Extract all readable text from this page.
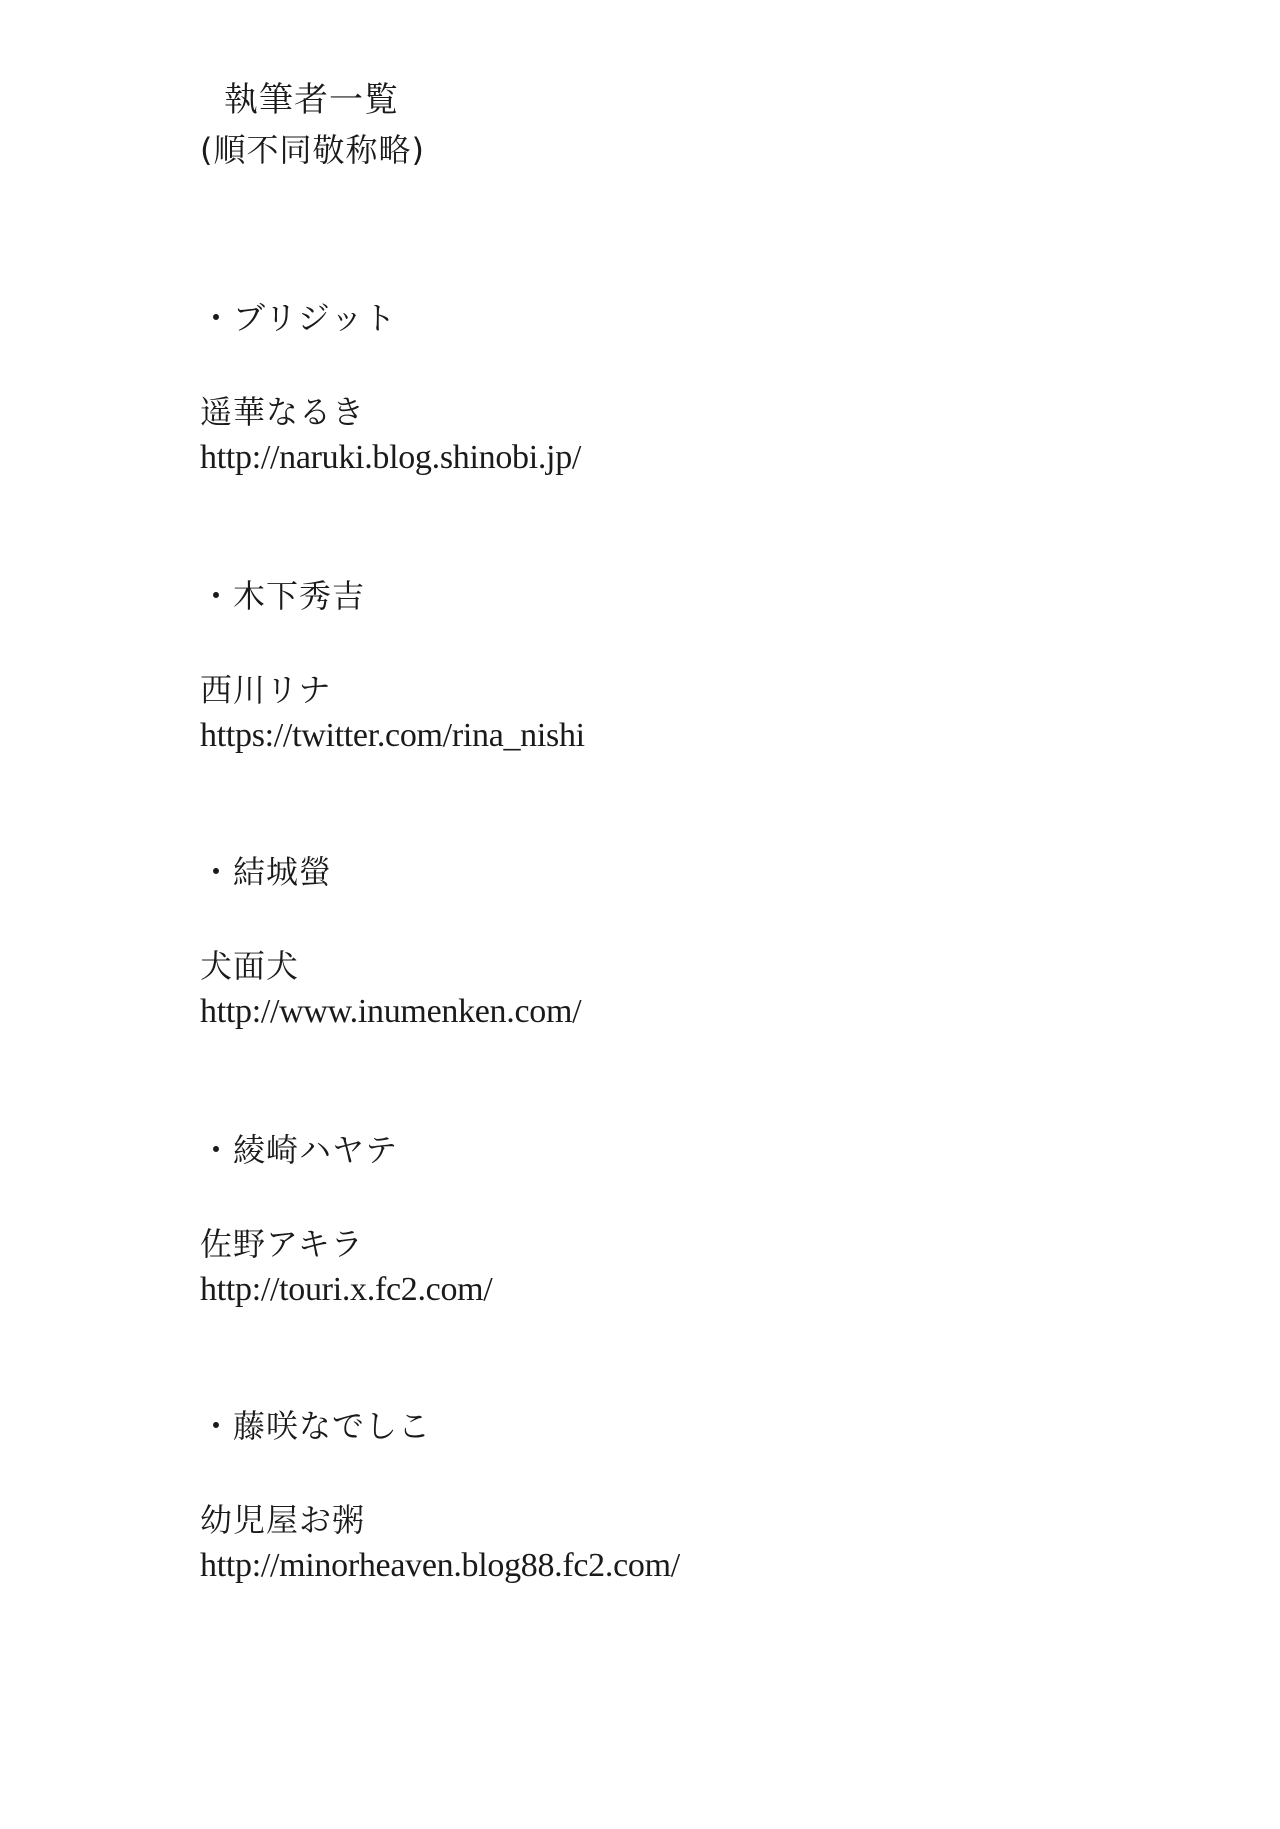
執筆者一覧

(順不同敬称略)

・ブリジット

遥華なるき

http://naruki.blog.shinobi.jp/

・木下秀吉

西川リナ

https://twitter.com/rina_nishi

・結城螢

犬面犬

http://www.inumenken.com/

・綾崎ハヤテ

佐野アキラ

http://touri.x.fc2.com/

・藤咲なでしこ

幼児屋お粥

http://minorheaven.blog88.fc2.com/
